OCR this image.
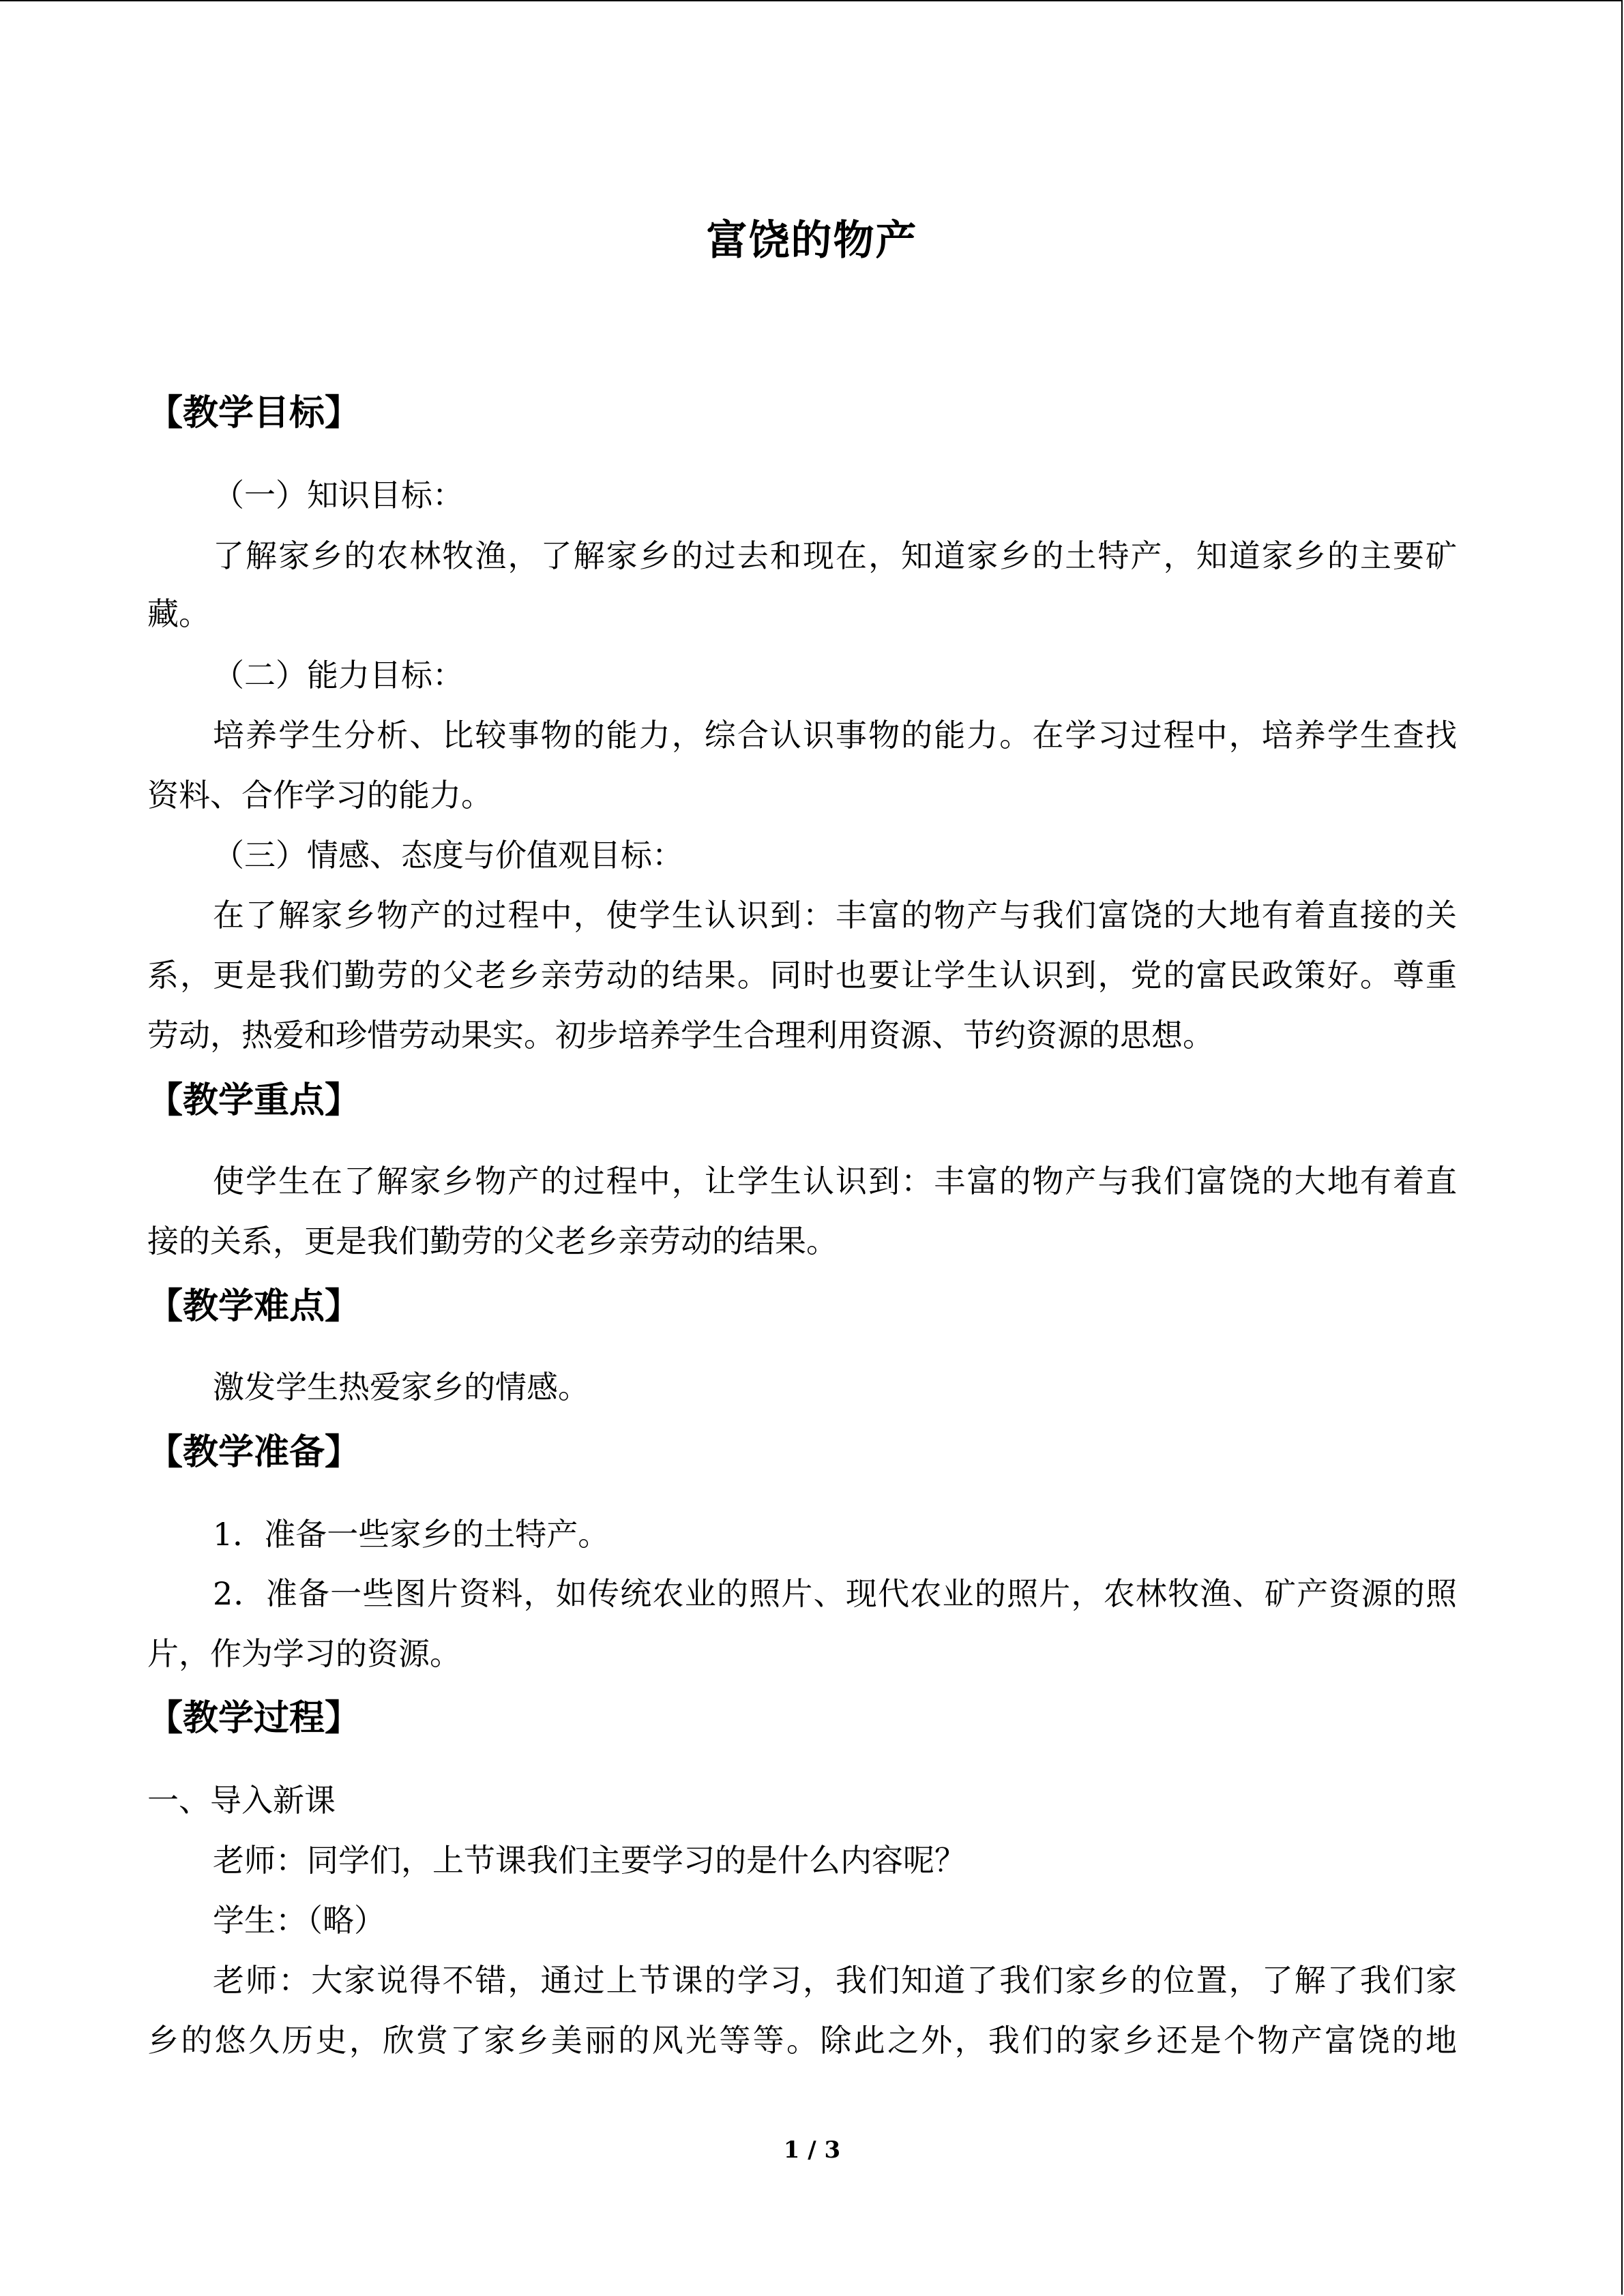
富饶的物产
【教学目标】
（一）知识目标：
了解家乡的农林牧渔，了解家乡的过去和现在，知道家乡的土特产，知道家乡的主要矿
藏。
（二）能力目标：
培养学生分析、比较事物的能力，综合认识事物的能力。在学习过程中，培养学生查找
资料、合作学习的能力。
（三）情感、态度与价值观目标：
在了解家乡物产的过程中，使学生认识到：丰富的物产与我们富饶的大地有着直接的关
系，更是我们勤劳的父老乡亲劳动的结果。同时也要让学生认识到，党的富民政策好。尊重
劳动，热爱和珍惜劳动果实。初步培养学生合理利用资源、节约资源的思想。
【教学重点】
使学生在了解家乡物产的过程中，让学生认识到：丰富的物产与我们富饶的大地有着直
接的关系，更是我们勤劳的父老乡亲劳动的结果。
【教学难点】
激发学生热爱家乡的情感。
【教学准备】
1．准备一些家乡的土特产。
2．准备一些图片资料，如传统农业的照片、现代农业的照片，农林牧渔、矿产资源的照
片，作为学习的资源。
【教学过程】
一、导入新课
老师：同学们，上节课我们主要学习的是什么内容呢？
学生：（略）
老师：大家说得不错，通过上节课的学习，我们知道了我们家乡的位置，了解了我们家
乡的悠久历史，欣赏了家乡美丽的风光等等。除此之外，我们的家乡还是个物产富饶的地
1 / 3
